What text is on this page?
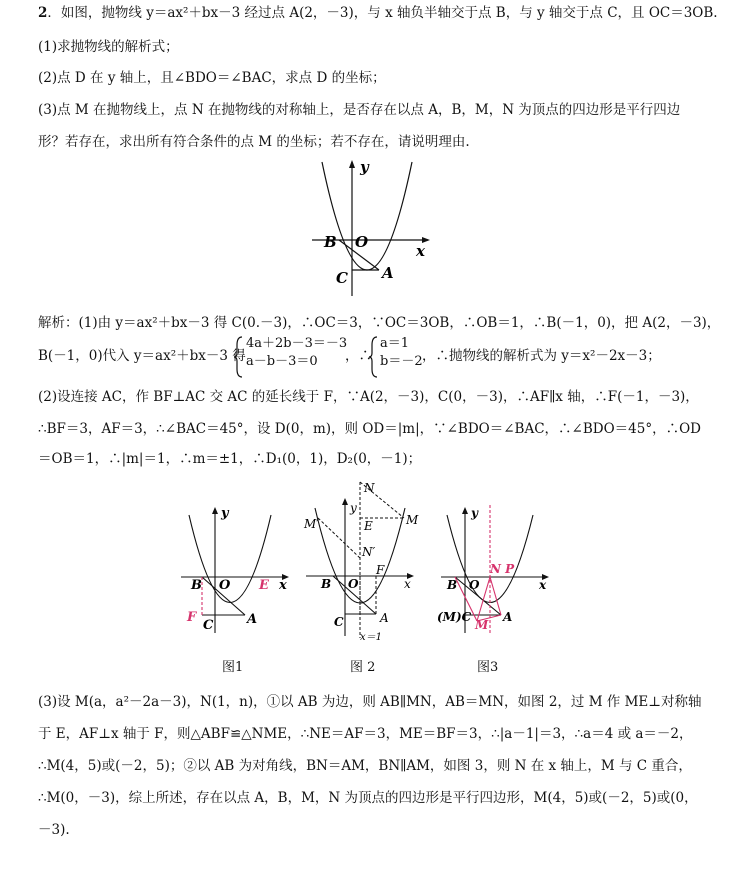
2．如图，抛物线 y＝ax²＋bx－3 经过点 A(2，－3)，与 x 轴负半轴交于点 B，与 y 轴交于点 C，且 OC＝3OB.
(1)求抛物线的解析式；
(2)点 D 在 y 轴上，且∠BDO＝∠BAC，求点 D 的坐标；
(3)点 M 在抛物线上，点 N 在抛物线的对称轴上，是否存在以点 A，B，M，N 为顶点的四边形是平行四边
形？若存在，求出所有符合条件的点 M 的坐标；若不存在，请说明理由.
y
x
B O
C A
解析：(1)由 y＝ax²＋bx－3 得 C(0.－3)，∴OC＝3，∵OC＝3OB，∴OB＝1，∴B(－1，0)，把 A(2，－3)，
B(－1，0)代入 y＝ax²＋bx－3 得
4a＋2b－3＝－3
a－b－3＝0	，∴
a＝1
b＝－2 ，∴抛物线的解析式为 y＝x²－2x－3；
(2)设连接 AC，作 BF⊥AC 交 AC 的延长线于 F，∵A(2，－3)，C(0，－3)，∴AF∥x 轴，∴F(－1，－3)，
∴BF＝3，AF＝3，∴∠BAC＝45°，设 D(0，m)，则 OD＝|m|，∵∠BDO＝∠BAC，∴∠BDO＝45°，∴OD
＝OB＝1，∴|m|＝1，∴m＝±1，∴D₁(0，1)，D₂(0，－1)；
y
x
B O E
F
C	A
图1
y
x
N
M′	M
E
N′
B O
F
C	A
x＝1
图 2
y
x
N P
B O
(M)C
M
A
图3
(3)设 M(a，a²－2a－3)，N(1，n)，①以 AB 为边，则 AB∥MN，AB＝MN，如图 2，过 M 作 ME⊥对称轴
于 E，AF⊥x 轴于 F，则△ABF≌△NME，∴NE＝AF＝3，ME＝BF＝3，∴|a－1|＝3，∴a＝4 或 a＝－2，
∴M(4，5)或(－2，5)；②以 AB 为对角线，BN＝AM，BN∥AM，如图 3，则 N 在 x 轴上，M 与 C 重合，
∴M(0，－3)，综上所述，存在以点 A，B，M，N 为顶点的四边形是平行四边形，M(4，5)或(－2，5)或(0，
－3).
